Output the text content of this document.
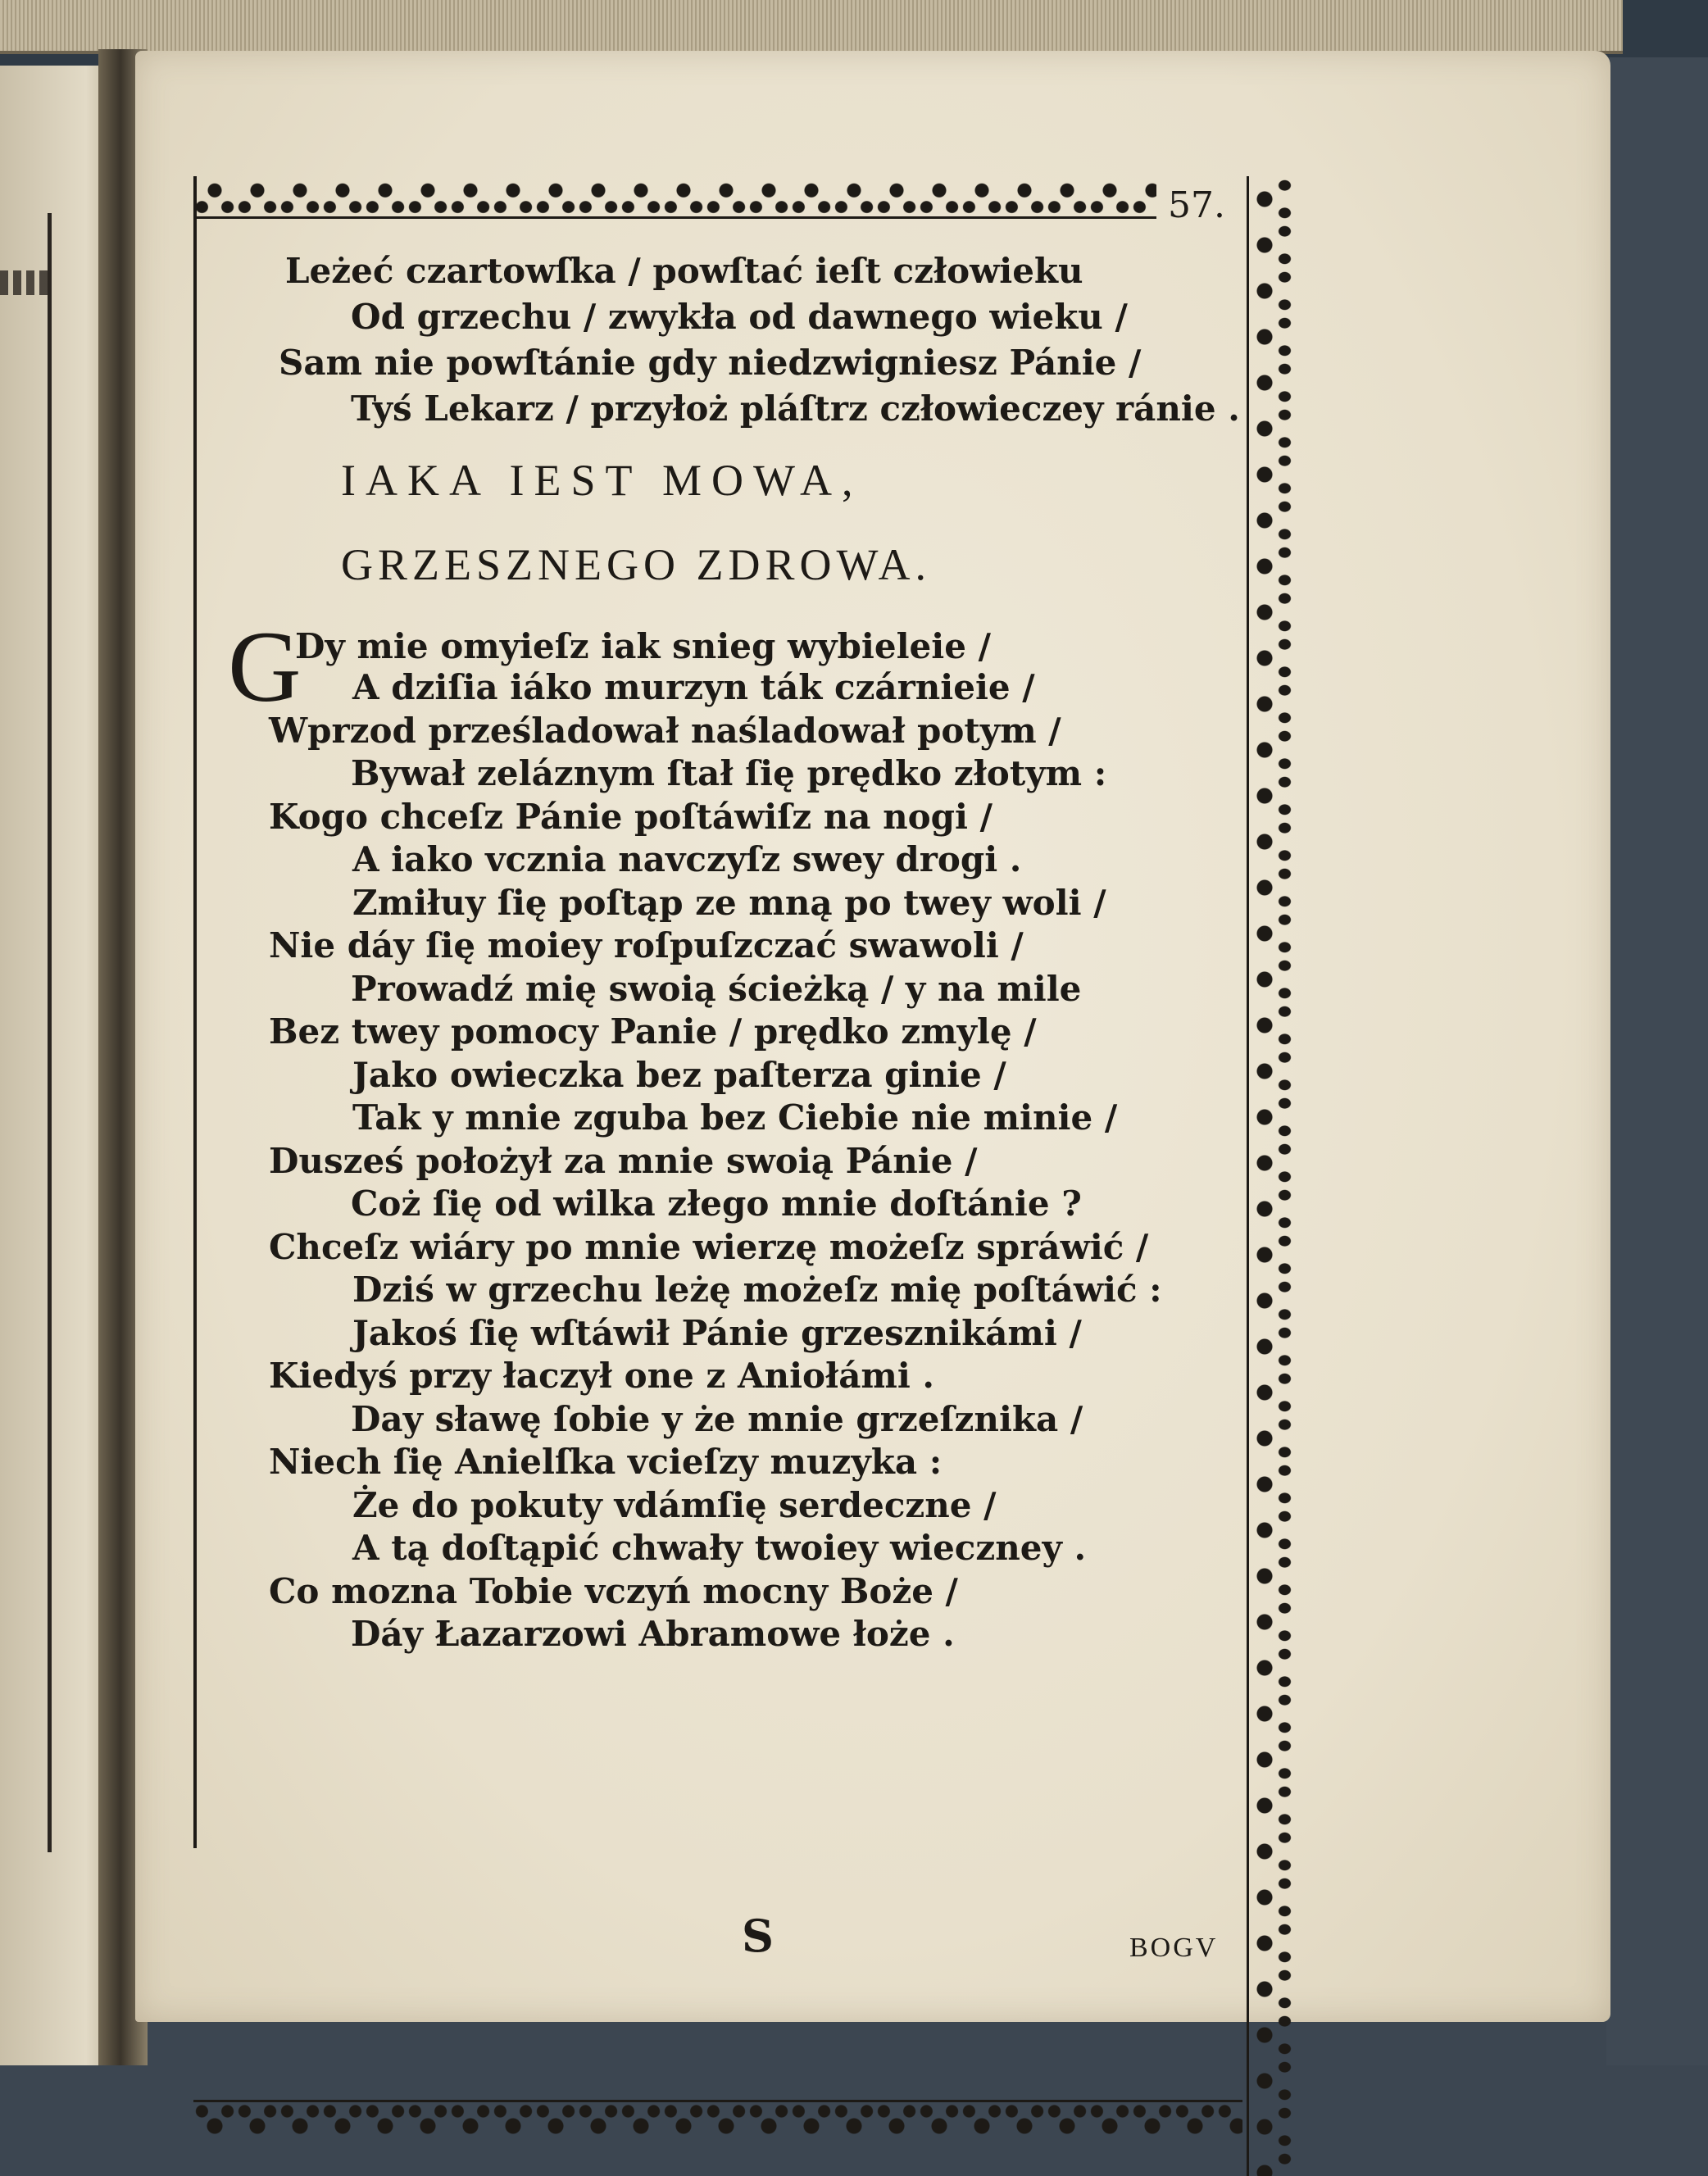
57.
Leżeć czartowſka / powſtać ieſt człowieku
Od grzechu / zwykła od dawnego wieku /
Sam nie powſtánie gdy niedzwigniesz Pánie /
Tyś Lekarz / przyłoż pláſtrz człowieczey ránie .
IAKA IEST MOWA,
GRZESZNEGO ZDROWA.
G
Dy mie omyieſz iak snieg wybieleie /
A dziſia iáko murzyn ták czárnieie /
Wprzod prześladował naśladował potym /
Bywał zeláznym ſtał ſię prędko złotym :
Kogo chceſz Pánie poſtáwiſz na nogi /
A iako vcznia navczyſz swey drogi .
Zmiłuy ſię poſtąp ze mną po twey woli /
Nie dáy ſię moiey roſpuſzczać swawoli /
Prowadź mię swoią ścieżką / y na mile
Bez twey pomocy Panie / prędko zmylę /
Jako owieczka bez paſterza ginie /
Tak y mnie zguba bez Ciebie nie minie /
Dusześ położył za mnie swoią Pánie /
Coż ſię od wilka złego mnie doſtánie ?
Chceſz wiáry po mnie wierzę możeſz spráwić /
Dziś w grzechu leżę możeſz mię poſtáwić :
Jakoś ſię wſtáwił Pánie grzesznikámi /
Kiedyś przy łaczył one z Aniołámi .
Day sławę ſobie y że mnie grzeſznika /
Niech ſię Anielſka vcieſzy muzyka :
Że do pokuty vdámſię serdeczne /
A tą doſtąpić chwały twoiey wieczney .
Co mozna Tobie vczyń mocny Boże /
Dáy Łazarzowi Abramowe łoże .
S	BOGV
